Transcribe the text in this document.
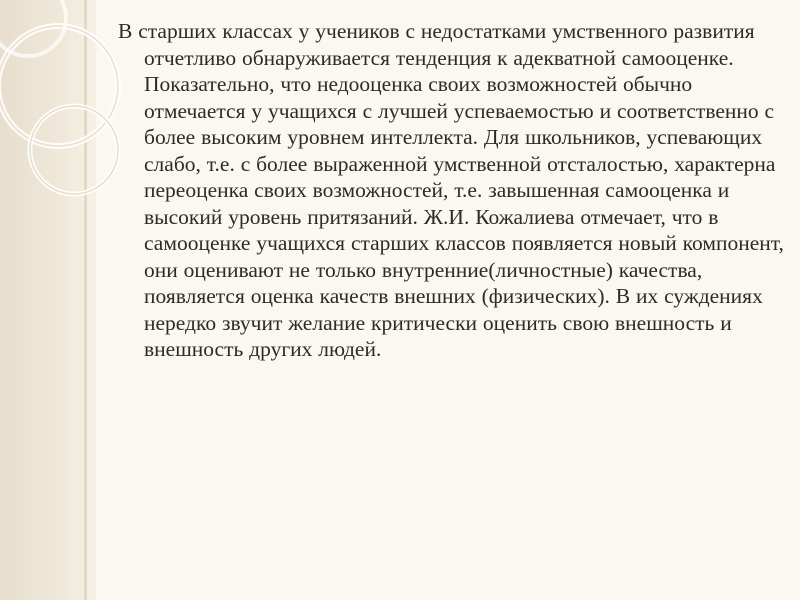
В старших классах у учеников с недостатками умственного развития отчетливо обнаруживается тенденция к адекватной самооценке. Показательно, что недооценка своих возможностей обычно отмечается у учащихся с лучшей успеваемостью и соответственно с более высоким уровнем интеллекта. Для школьников, успевающих слабо, т.е. с более выраженной умственной отсталостью, характерна переоценка своих возможностей, т.е. завышенная самооценка и высокий уровень притязаний. Ж.И. Кожалиева отмечает, что в самооценке учащихся старших классов появляется новый компонент, они оценивают не только внутренние(личностные) качества, появляется оценка качеств внешних (физических). В их суждениях нередко звучит желание критически оценить свою внешность и внешность других людей.
